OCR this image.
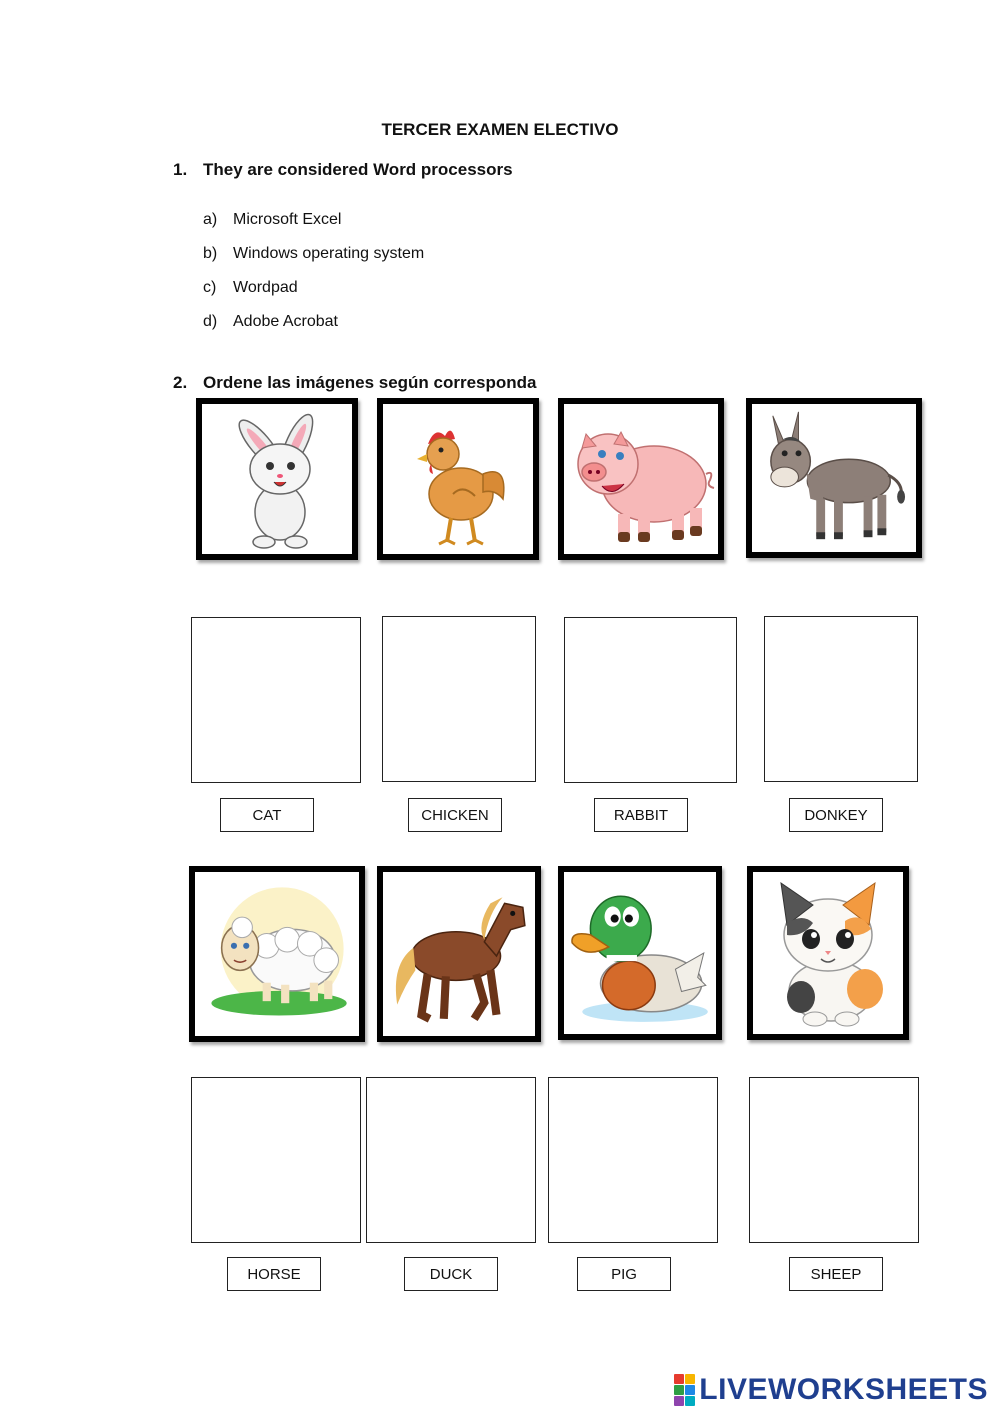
TERCER EXAMEN ELECTIVO
1. They are considered Word processors
a) Microsoft Excel
b) Windows operating system
c) Wordpad
d) Adobe Acrobat
2. Ordene las imágenes según corresponda
CAT	CHICKEN	RABBIT	DONKEY
HORSE	DUCK	PIG	SHEEP
LIVEWORKSHEETS
